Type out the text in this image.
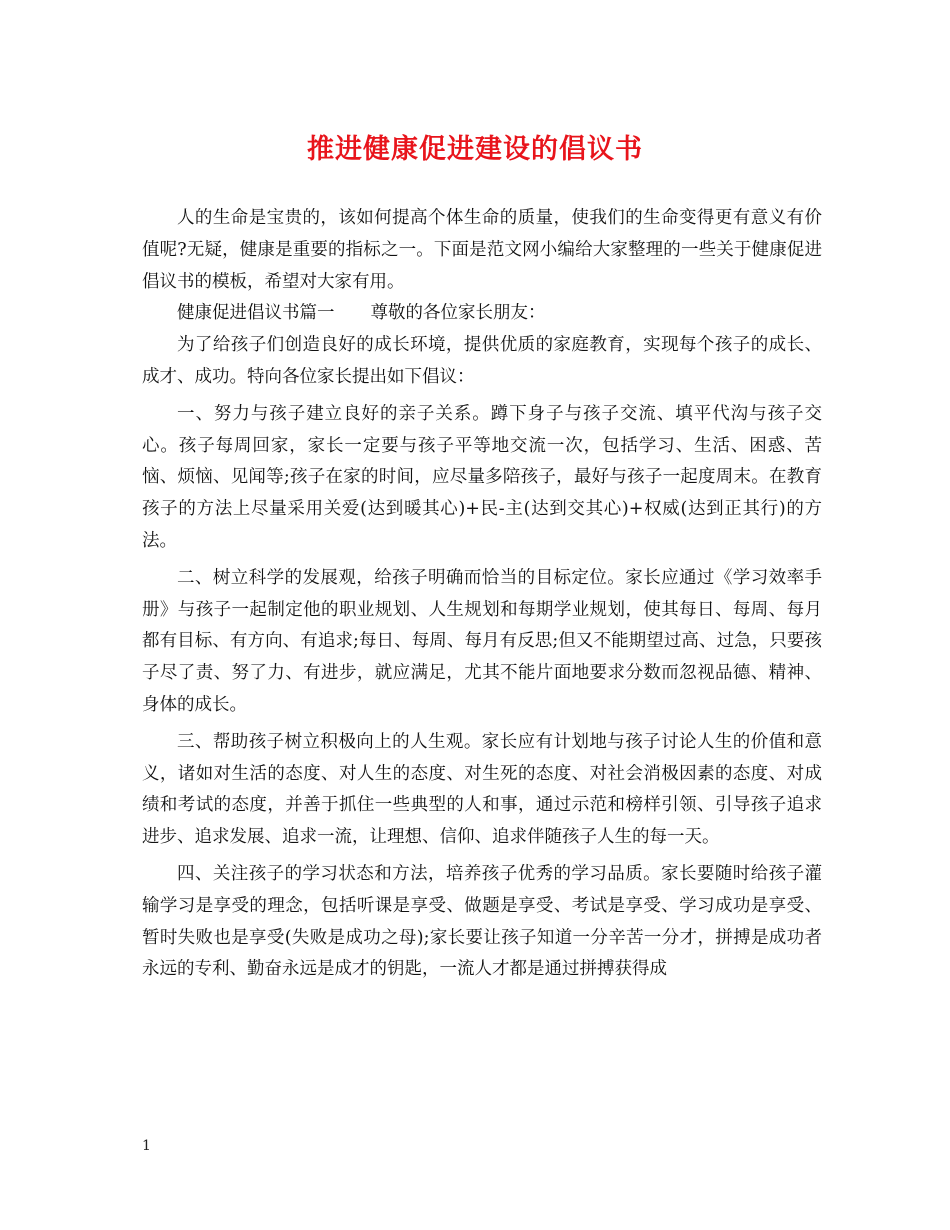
推进健康促进建设的倡议书

人的生命是宝贵的，该如何提高个体生命的质量，使我们的生命变得更有意义有价值呢?无疑，健康是重要的指标之一。下面是范文网小编给大家整理的一些关于健康促进倡议书的模板，希望对大家有用。

健康促进倡议书篇一 尊敬的各位家长朋友：

为了给孩子们创造良好的成长环境，提供优质的家庭教育，实现每个孩子的成长、成才、成功。特向各位家长提出如下倡议：

一、努力与孩子建立良好的亲子关系。蹲下身子与孩子交流、填平代沟与孩子交心。孩子每周回家，家长一定要与孩子平等地交流一次，包括学习、生活、困惑、苦恼、烦恼、见闻等;孩子在家的时间，应尽量多陪孩子，最好与孩子一起度周末。在教育孩子的方法上尽量采用关爱(达到暖其心)+民-主(达到交其心)+权威(达到正其行)的方法。

二、树立科学的发展观，给孩子明确而恰当的目标定位。家长应通过《学习效率手册》与孩子一起制定他的职业规划、人生规划和每期学业规划，使其每日、每周、每月都有目标、有方向、有追求;每日、每周、每月有反思;但又不能期望过高、过急，只要孩子尽了责、努了力、有进步，就应满足，尤其不能片面地要求分数而忽视品德、精神、身体的成长。

三、帮助孩子树立积极向上的人生观。家长应有计划地与孩子讨论人生的价值和意义，诸如对生活的态度、对人生的态度、对生死的态度、对社会消极因素的态度、对成绩和考试的态度，并善于抓住一些典型的人和事，通过示范和榜样引领、引导孩子追求进步、追求发展、追求一流，让理想、信仰、追求伴随孩子人生的每一天。

四、关注孩子的学习状态和方法，培养孩子优秀的学习品质。家长要随时给孩子灌输学习是享受的理念，包括听课是享受、做题是享受、考试是享受、学习成功是享受、暂时失败也是享受(失败是成功之母);家长要让孩子知道一分辛苦一分才，拼搏是成功者永远的专利、勤奋永远是成才的钥匙，一流人才都是通过拼搏获得成

1
